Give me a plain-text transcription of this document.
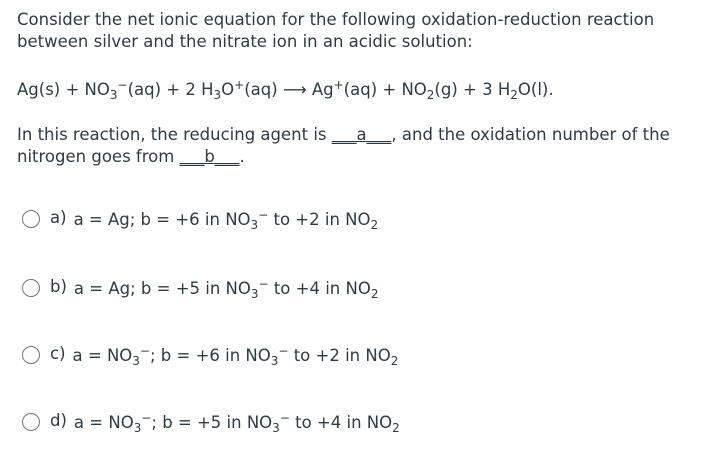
Consider the net ionic equation for the following oxidation-reduction reaction between silver and the nitrate ion in an acidic solution:
$Ag(s) + NO_3^-(aq) + 2$ $H_3O^+(aq)$ ⟶ $Ag^+(aq) + NO_2(g) + 3$ $H_2O(l)$.
In this reaction, the reducing agent is ___a___, and the oxidation number of the nitrogen goes from ___b___.
a) a = Ag; b = +6 in $NO_3^-$ to +2 in $NO_2$
b) a = Ag; b = +5 in $NO_3^-$ to +4 in $NO_2$
c) $a = NO_3^-$; b = +6 in $NO_3^-$ to +2 in $NO_2$
d) $a = NO_3^-$; b = +5 in $NO_3^-$ to +4 in $NO_2$
